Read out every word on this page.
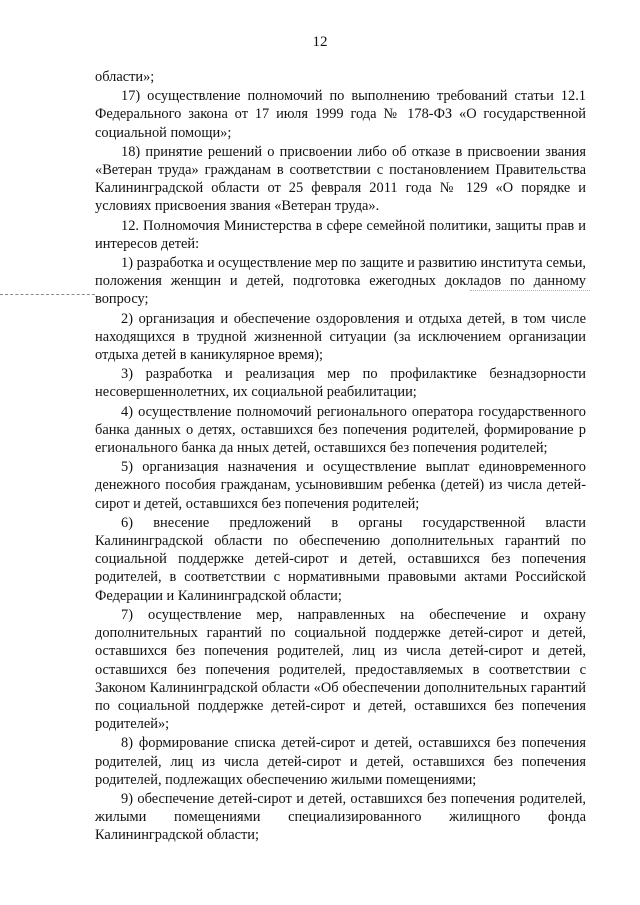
12

области»;

17) осуществление полномочий по выполнению требований статьи 12.1 Федерального закона от 17 июля 1999 года № 178-ФЗ «О государственной социальной помощи»;

18) принятие решений о присвоении либо об отказе в присвоении звания «Ветеран труда» гражданам в соответствии с постановлением Правительства Калининградской области от 25 февраля 2011 года № 129 «О порядке и условиях присвоения звания «Ветеран труда».

12. Полномочия Министерства в сфере семейной политики, защиты прав и интересов детей:

1) разработка и осуществление мер по защите и развитию института семьи, положения женщин и детей, подготовка ежегодных докладов по данному вопросу;

2) организация и обеспечение оздоровления и отдыха детей, в том числе находящихся в трудной жизненной ситуации (за исключением организации отдыха детей в каникулярное время);

3) разработка и реализация мер по профилактике безнадзорности несовершеннолетних, их социальной реабилитации;

4) осуществление полномочий регионального оператора государственного банка данных о детях, оставшихся без попечения родителей, формирование р егионального банка да нных детей, оставшихся без попечения родителей;

5) организация назначения и осуществление выплат единовременного денежного пособия гражданам, усыновившим ребенка (детей) из числа детей-сирот и детей, оставшихся без попечения родителей;

6) внесение предложений в органы государственной власти Калининградской области по обеспечению дополнительных гарантий по социальной поддержке детей-сирот и детей, оставшихся без попечения родителей, в соответствии с нормативными правовыми актами Российской Федерации и Калининградской области;

7) осуществление мер, направленных на обеспечение и охрану дополнительных гарантий по социальной поддержке детей-сирот и детей, оставшихся без попечения родителей, лиц из числа детей-сирот и детей, оставшихся без попечения родителей, предоставляемых в соответствии с Законом Калининградской области «Об обеспечении дополнительных гарантий по социальной поддержке детей-сирот и детей, оставшихся без попечения родителей»;

8) формирование списка детей-сирот и детей, оставшихся без попечения родителей, лиц из числа детей-сирот и детей, оставшихся без попечения родителей, подлежащих обеспечению жилыми помещениями;

9) обеспечение детей-сирот и детей, оставшихся без попечения родителей, жилыми помещениями специализированного жилищного фонда Калининградской области;
